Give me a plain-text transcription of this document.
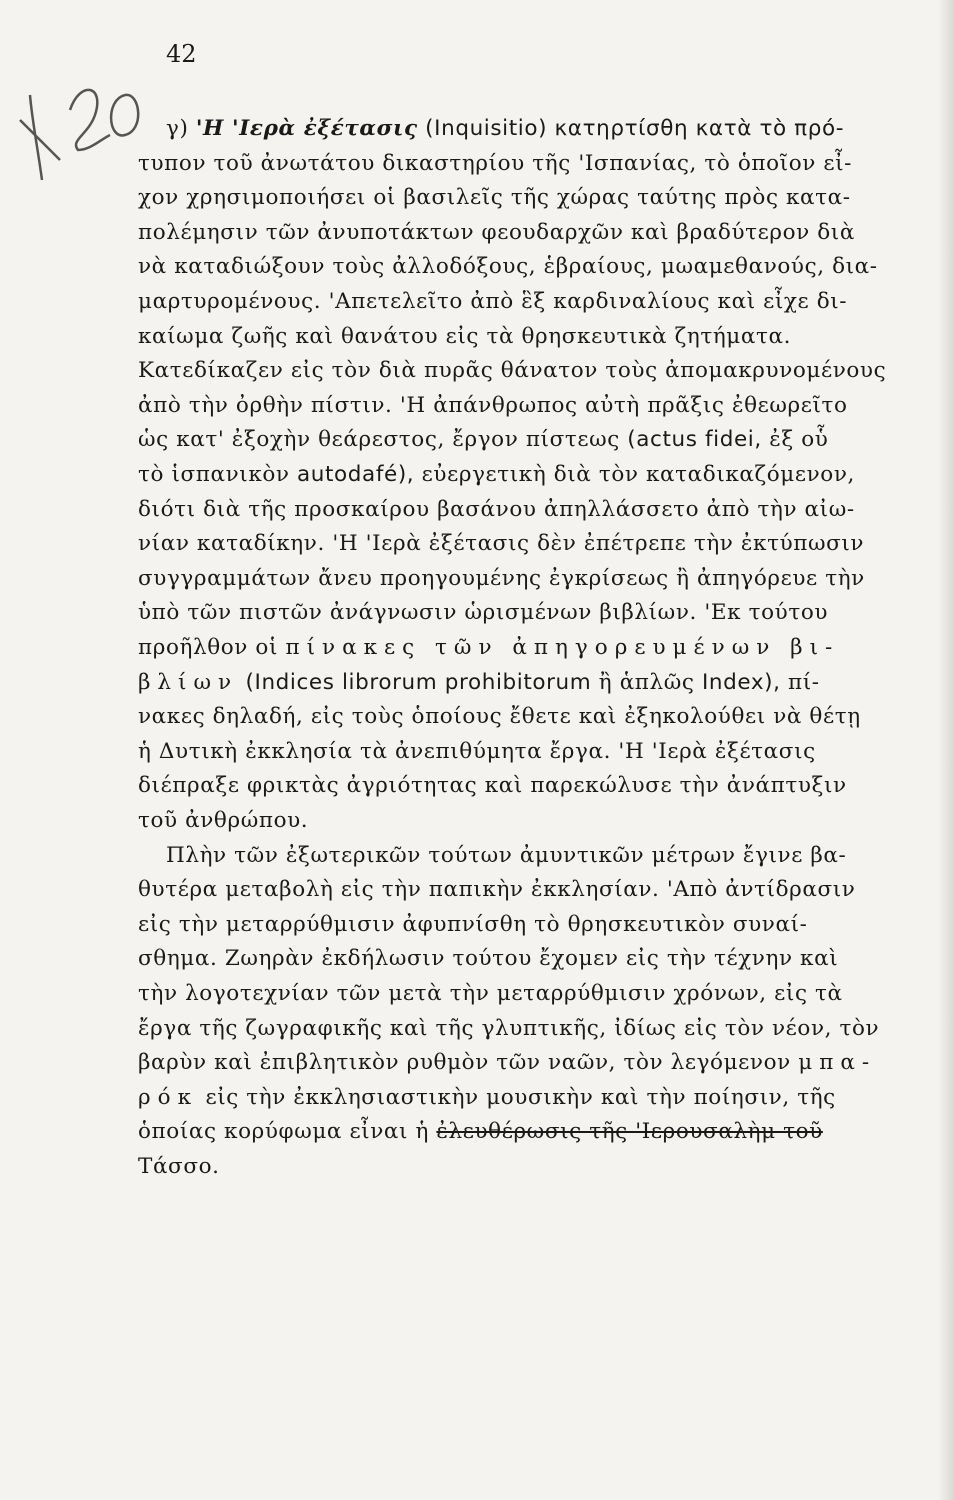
42
γ) 'Η 'Ιερὰ ἐξέτασις (Inquisitio) κατηρτίσθη κατὰ τὸ πρό-
τυπον τοῦ ἀνωτάτου δικαστηρίου τῆς 'Ισπανίας, τὸ ὁποῖον εἶ-
χον χρησιμοποιήσει οἱ βασιλεῖς τῆς χώρας ταύτης πρὸς κατα-
πολέμησιν τῶν ἀνυποτάκτων φεουδαρχῶν καὶ βραδύτερον διὰ
νὰ καταδιώξουν τοὺς ἀλλοδόξους, ἑβραίους, μωαμεθανούς, δια-
μαρτυρομένους. 'Απετελεῖτο ἀπὸ ἓξ καρδιναλίους καὶ εἶχε δι-
καίωμα ζωῆς καὶ θανάτου εἰς τὰ θρησκευτικὰ ζητήματα.
Κατεδίκαζεν εἰς τὸν διὰ πυρᾶς θάνατον τοὺς ἀπομακρυνομένους
ἀπὸ τὴν ὀρθὴν πίστιν. 'Η ἀπάνθρωπος αὐτὴ πρᾶξις ἐθεωρεῖτο
ὡς κατ' ἐξοχὴν θεάρεστος, ἔργον πίστεως (actus fidei, ἐξ οὗ
τὸ ἱσπανικὸν autodafé), εὐεργετικὴ διὰ τὸν καταδικαζόμενον,
διότι διὰ τῆς προσκαίρου βασάνου ἀπηλλάσσετο ἀπὸ τὴν αἰω-
νίαν καταδίκην. 'Η 'Ιερὰ ἐξέτασις δὲν ἐπέτρεπε τὴν ἐκτύπωσιν
συγγραμμάτων ἄνευ προηγουμένης ἐγκρίσεως ἢ ἀπηγόρευε τὴν
ὑπὸ τῶν πιστῶν ἀνάγνωσιν ὡρισμένων βιβλίων. 'Εκ τούτου
προῆλθον οἱ πίνακες τῶν ἀπηγορευμένων βι-
βλίων (Indices librorum prohibitorum ἢ ἁπλῶς Index), πί-
νακες δηλαδή, εἰς τοὺς ὁποίους ἔθετε καὶ ἐξηκολούθει νὰ θέτῃ
ἡ Δυτικὴ ἐκκλησία τὰ ἀνεπιθύμητα ἔργα. 'Η 'Ιερὰ ἐξέτασις
διέπραξε φρικτὰς ἀγριότητας καὶ παρεκώλυσε τὴν ἀνάπτυξιν
τοῦ ἀνθρώπου.
Πλὴν τῶν ἐξωτερικῶν τούτων ἀμυντικῶν μέτρων ἔγινε βα-
θυτέρα μεταβολὴ εἰς τὴν παπικὴν ἐκκλησίαν. 'Απὸ ἀντίδρασιν
εἰς τὴν μεταρρύθμισιν ἀφυπνίσθη τὸ θρησκευτικὸν συναί-
σθημα. Ζωηρὰν ἐκδήλωσιν τούτου ἔχομεν εἰς τὴν τέχνην καὶ
τὴν λογοτεχνίαν τῶν μετὰ τὴν μεταρρύθμισιν χρόνων, εἰς τὰ
ἔργα τῆς ζωγραφικῆς καὶ τῆς γλυπτικῆς, ἰδίως εἰς τὸν νέον, τὸν
βαρὺν καὶ ἐπιβλητικὸν ρυθμὸν τῶν ναῶν, τὸν λεγόμενον μπα-
ρόκ εἰς τὴν ἐκκλησιαστικὴν μουσικὴν καὶ τὴν ποίησιν, τῆς
ὁποίας κορύφωμα εἶναι ἡ ἐλευθέρωσις τῆς 'Ιερουσαλὴμ τοῦ
Τάσσο.
